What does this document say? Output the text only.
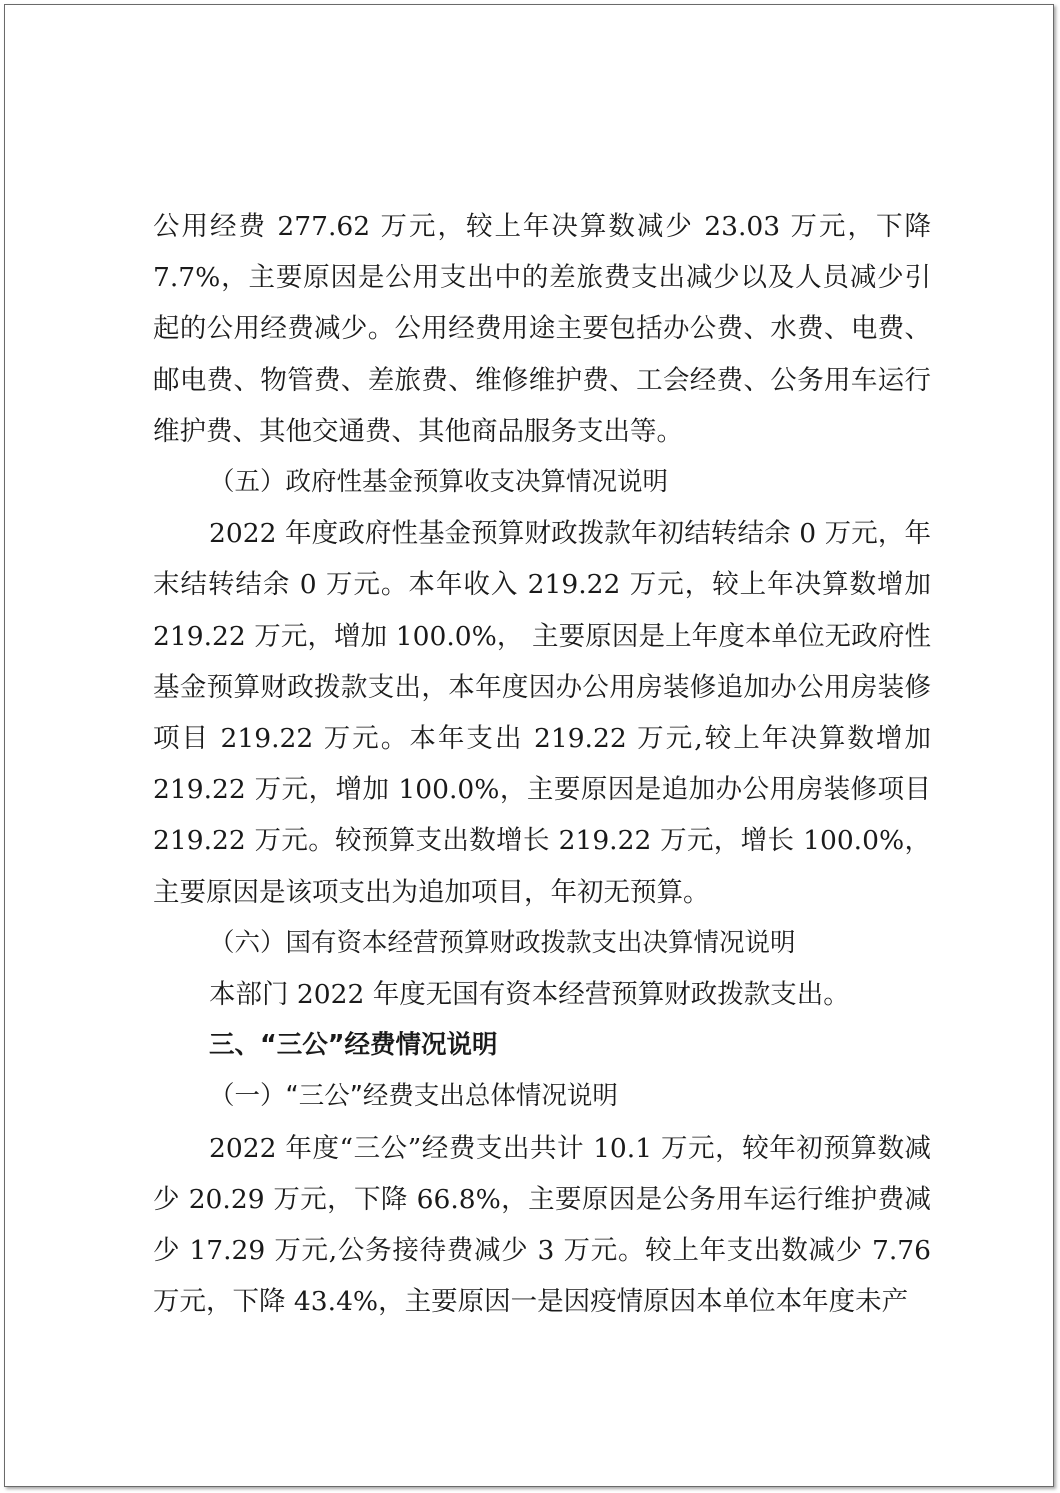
公用经费 277.62 万元，较上年决算数减少 23.03 万元，下降 7.7%，主要原因是公用支出中的差旅费支出减少以及人员减少引起的公用经费减少。公用经费用途主要包括办公费、水费、电费、邮电费、物管费、差旅费、维修维护费、工会经费、公务用车运行维护费、其他交通费、其他商品服务支出等。

（五）政府性基金预算收支决算情况说明

2022 年度政府性基金预算财政拨款年初结转结余 0 万元，年末结转结余 0 万元。本年收入 219.22 万元，较上年决算数增加 219.22 万元，增加 100.0%， 主要原因是上年度本单位无政府性基金预算财政拨款支出，本年度因办公用房装修追加办公用房装修项目 219.22 万元。本年支出 219.22 万元,较上年决算数增加 219.22 万元，增加 100.0%，主要原因是追加办公用房装修项目 219.22 万元。较预算支出数增长 219.22 万元，增长 100.0%，主要原因是该项支出为追加项目，年初无预算。

（六）国有资本经营预算财政拨款支出决算情况说明

本部门 2022 年度无国有资本经营预算财政拨款支出。

三、“三公”经费情况说明

（一）“三公”经费支出总体情况说明

2022 年度“三公”经费支出共计 10.1 万元，较年初预算数减少 20.29 万元，下降 66.8%，主要原因是公务用车运行维护费减少 17.29 万元,公务接待费减少 3 万元。较上年支出数减少 7.76 万元，下降 43.4%，主要原因一是因疫情原因本单位本年度未产
